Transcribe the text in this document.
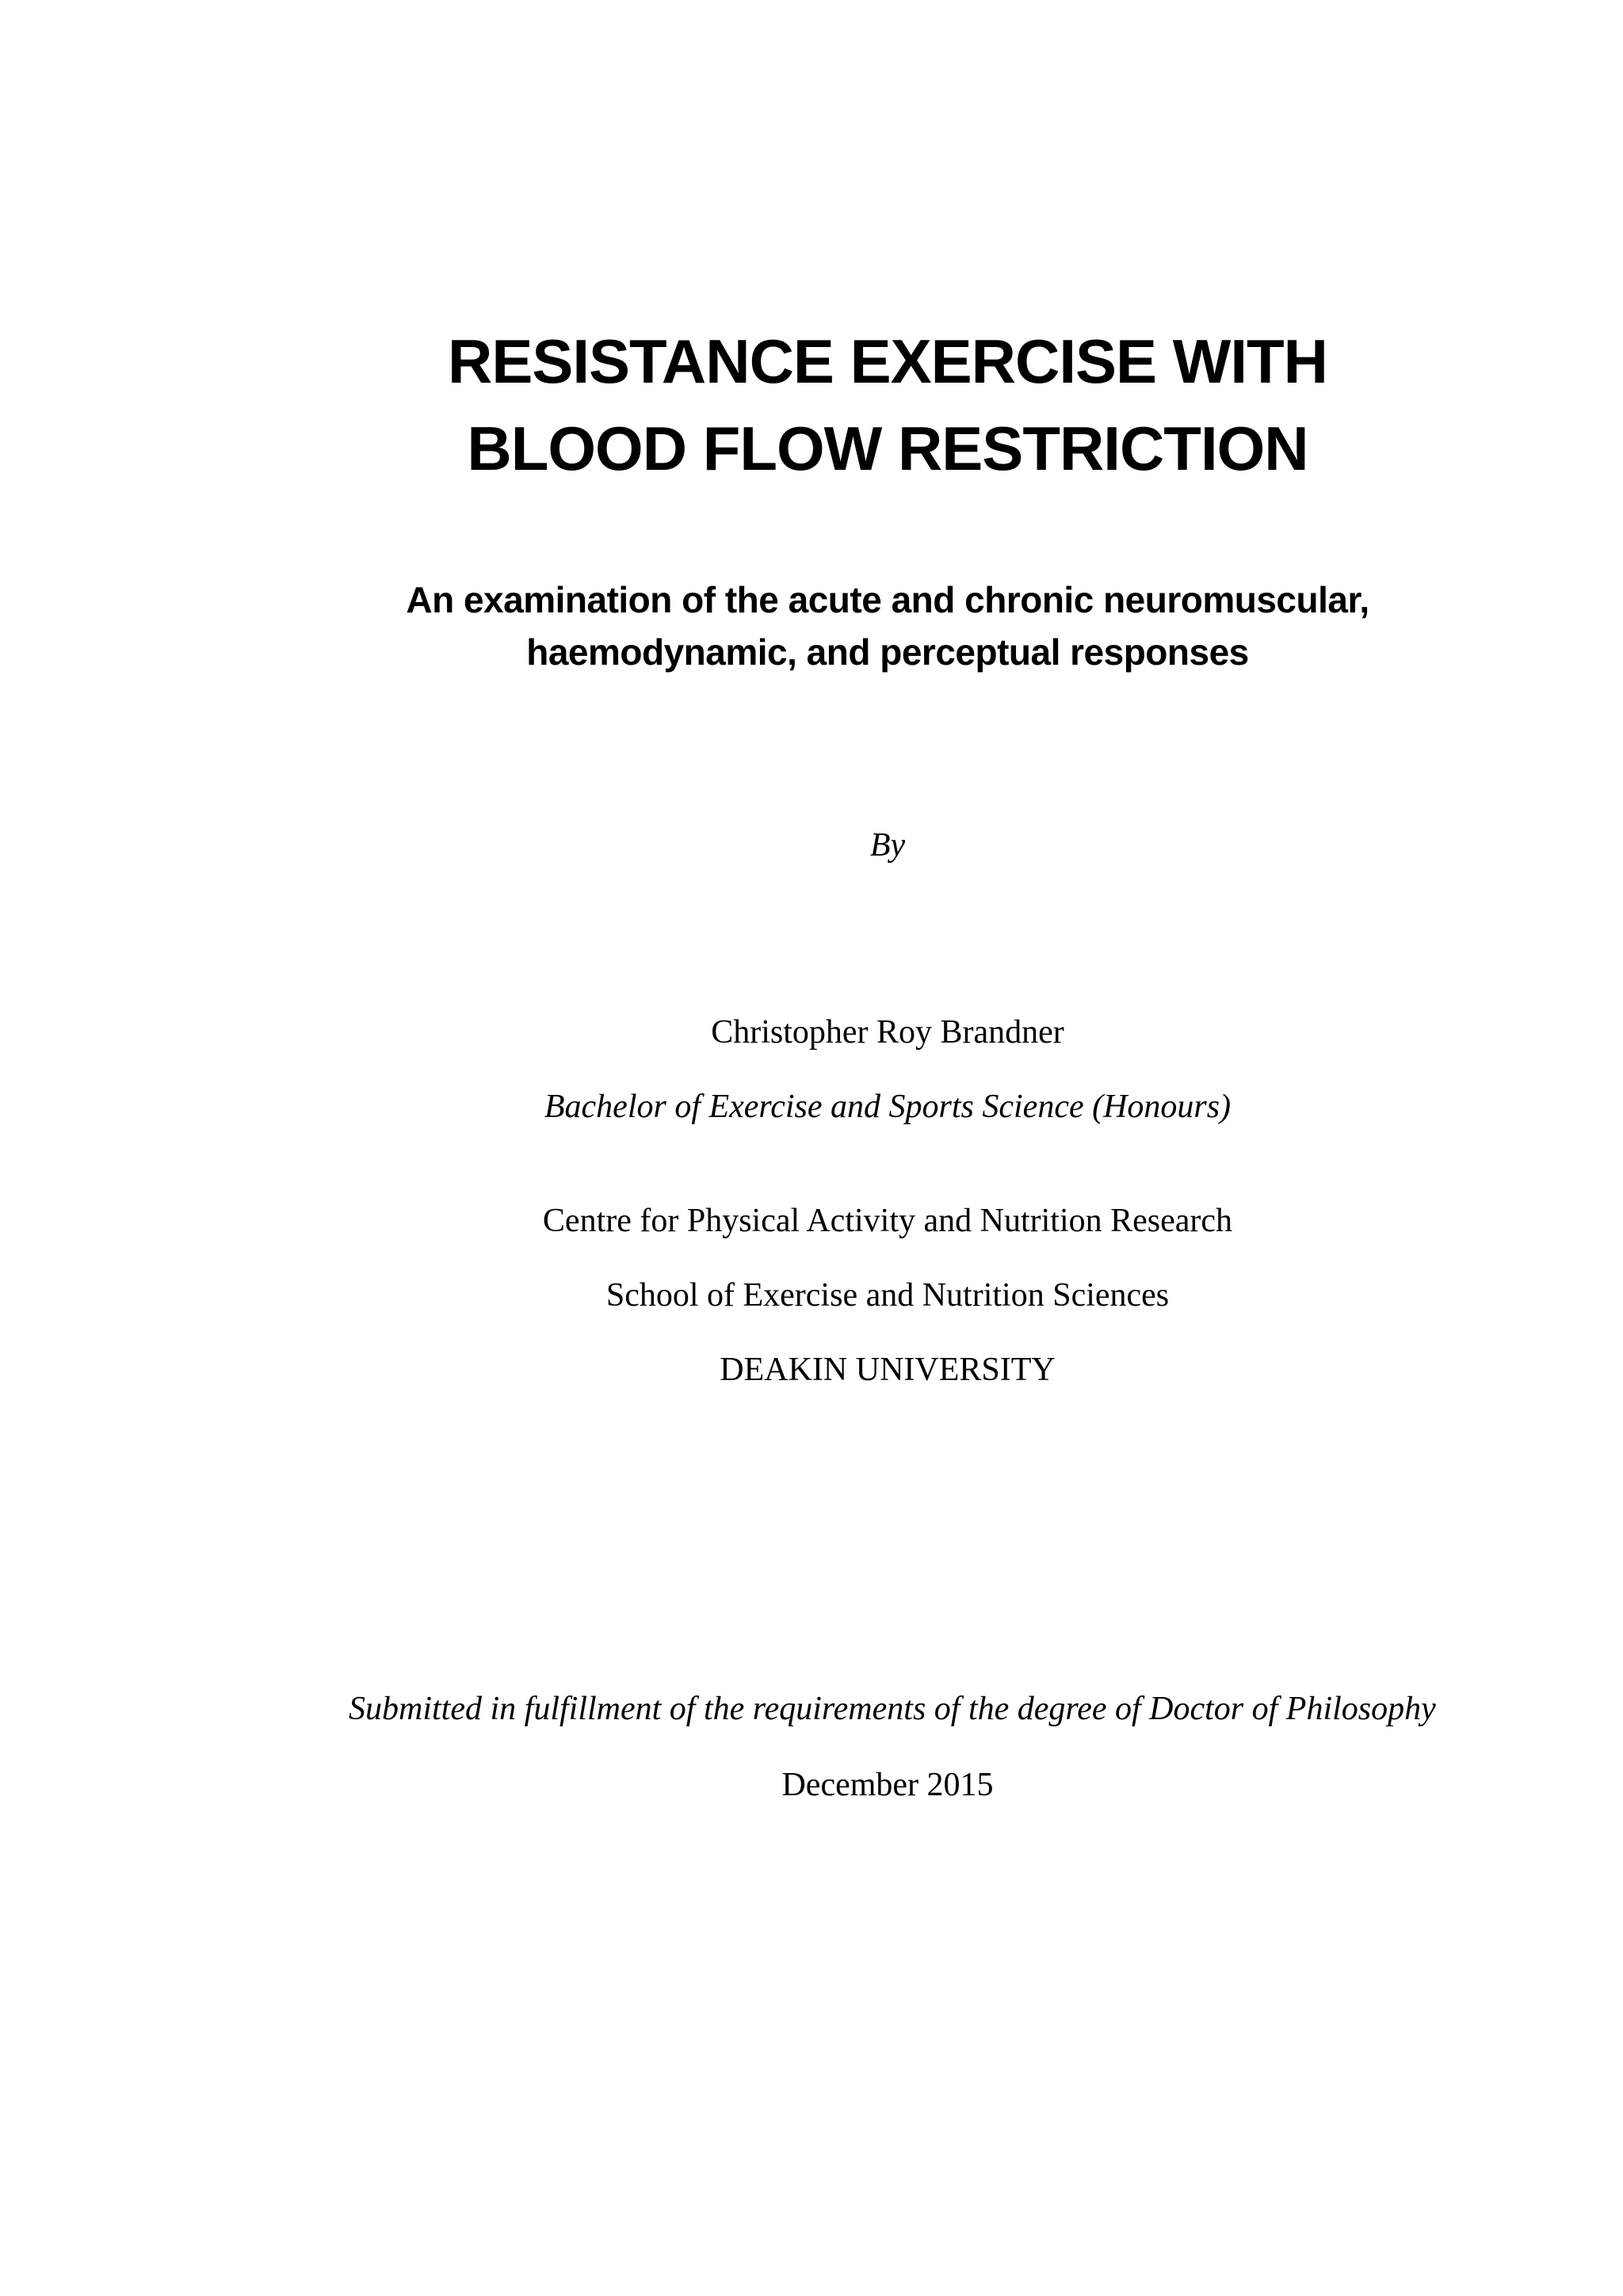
RESISTANCE EXERCISE WITH
BLOOD FLOW RESTRICTION
An examination of the acute and chronic neuromuscular,
haemodynamic, and perceptual responses
By
Christopher Roy Brandner
Bachelor of Exercise and Sports Science (Honours)
Centre for Physical Activity and Nutrition Research
School of Exercise and Nutrition Sciences
DEAKIN UNIVERSITY
Submitted in fulfillment of the requirements of the degree of Doctor of Philosophy
December 2015
